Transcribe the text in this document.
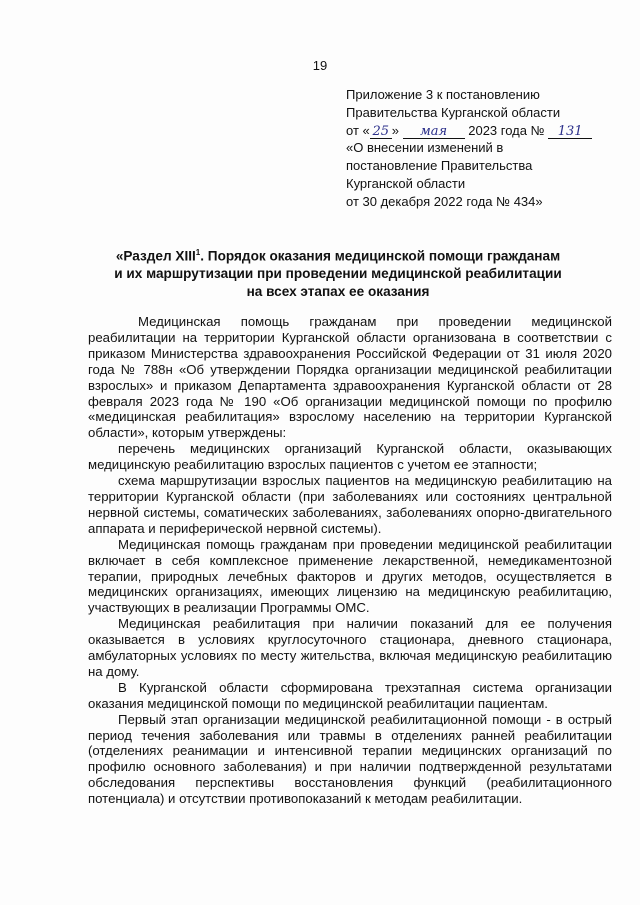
19
Приложение 3 к постановлению
Правительства Курганской области
от « 25 » мая 2023 года № 131
«О внесении изменений в
постановление Правительства
Курганской области
от 30 декабря 2022 года № 434»
«Раздел XIII$^1$. Порядок оказания медицинской помощи гражданам
и их маршрутизации при проведении медицинской реабилитации
на всех этапах ее оказания

Медицинская помощь гражданам при проведении медицинской реабилитации на территории Курганской области организована в соответствии с приказом Министерства здравоохранения Российской Федерации от 31 июля 2020 года № 788н «Об утверждении Порядка организации медицинской реабилитации взрослых» и приказом Департамента здравоохранения Курганской области от 28 февраля 2023 года № 190 «Об организации медицинской помощи по профилю «медицинская реабилитация» взрослому населению на территории Курганской области», которым утверждены:

перечень медицинских организаций Курганской области, оказывающих медицинскую реабилитацию взрослых пациентов с учетом ее этапности;

схема маршрутизации взрослых пациентов на медицинскую реабилитацию на территории Курганской области (при заболеваниях или состояниях центральной нервной системы, соматических заболеваниях, заболеваниях опорно-двигательного аппарата и периферической нервной системы).

Медицинская помощь гражданам при проведении медицинской реабилитации включает в себя комплексное применение лекарственной, немедикаментозной терапии, природных лечебных факторов и других методов, осуществляется в медицинских организациях, имеющих лицензию на медицинскую реабилитацию, участвующих в реализации Программы ОМС.

Медицинская реабилитация при наличии показаний для ее получения оказывается в условиях круглосуточного стационара, дневного стационара, амбулаторных условиях по месту жительства, включая медицинскую реабилитацию на дому.

В Курганской области сформирована трехэтапная система организации оказания медицинской помощи по медицинской реабилитации пациентам.

Первый этап организации медицинской реабилитационной помощи - в острый период течения заболевания или травмы в отделениях ранней реабилитации (отделениях реанимации и интенсивной терапии медицинских организаций по профилю основного заболевания) и при наличии подтвержденной результатами обследования перспективы восстановления функций (реабилитационного потенциала) и отсутствии противопоказаний к методам реабилитации.
